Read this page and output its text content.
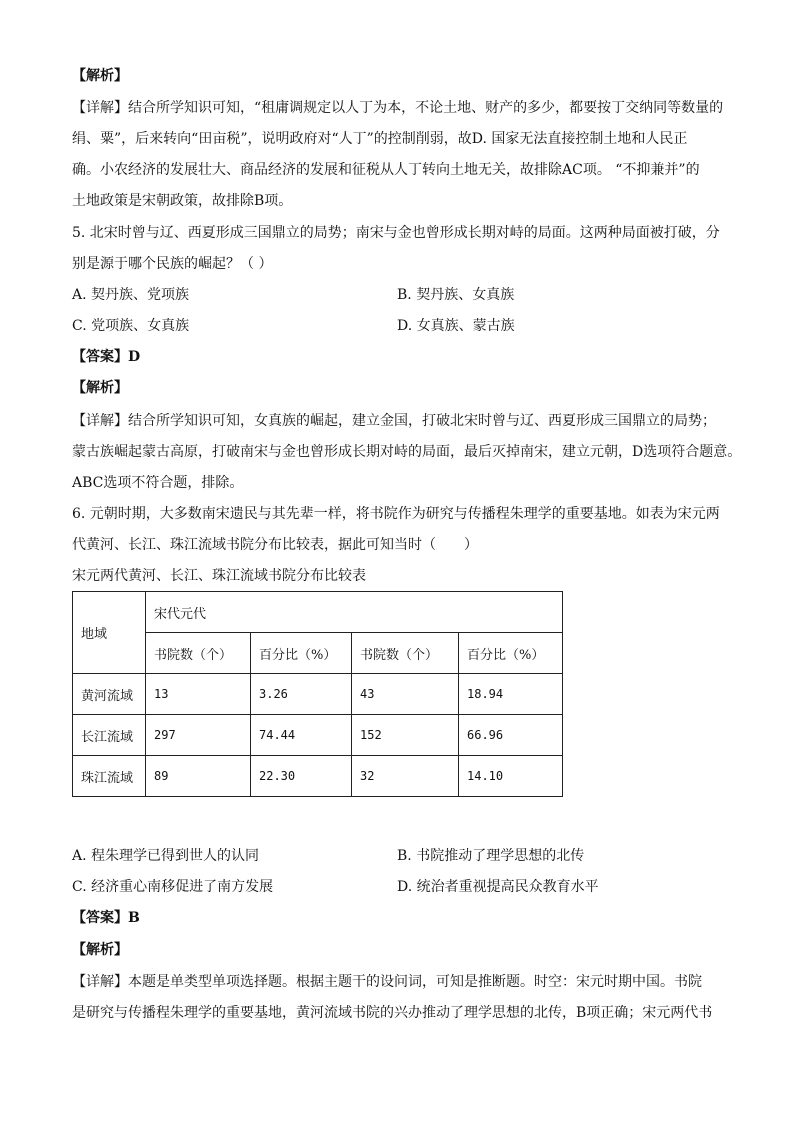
【解析】
【详解】结合所学知识可知，“租庸调规定以人丁为本，不论土地、财产的多少，都要按丁交纳同等数量的
绢、粟”，后来转向“田亩税”，说明政府对“人丁”的控制削弱，故D. 国家无法直接控制土地和人民正
确。小农经济的发展壮大、商品经济的发展和征税从人丁转向土地无关，故排除AC项。 “不抑兼并”的
土地政策是宋朝政策，故排除B项。
5. 北宋时曾与辽、西夏形成三国鼎立的局势；南宋与金也曾形成长期对峙的局面。这两种局面被打破，分
别是源于哪个民族的崛起？（ ）
A. 契丹族、党项族	B. 契丹族、女真族
C. 党项族、女真族	D. 女真族、蒙古族
【答案】D
【解析】
【详解】结合所学知识可知，女真族的崛起，建立金国，打破北宋时曾与辽、西夏形成三国鼎立的局势；
蒙古族崛起蒙古高原，打破南宋与金也曾形成长期对峙的局面，最后灭掉南宋，建立元朝，D选项符合题意。
ABC选项不符合题，排除。
6. 元朝时期，大多数南宋遗民与其先辈一样，将书院作为研究与传播程朱理学的重要基地。如表为宋元两
代黄河、长江、珠江流域书院分布比较表，据此可知当时（　　）
宋元两代黄河、长江、珠江流域书院分布比较表
地域	宋代元代			
	书院数（个）	百分比（%）	书院数（个）	百分比（%）
黄河流域	13	3.26	43	18.94
长江流域	297	74.44	152	66.96
珠江流域	89	22.30	32	14.10
A. 程朱理学已得到世人的认同	B. 书院推动了理学思想的北传
C. 经济重心南移促进了南方发展	D. 统治者重视提高民众教育水平
【答案】B
【解析】
【详解】本题是单类型单项选择题。根据主题干的设问词，可知是推断题。时空：宋元时期中国。书院
是研究与传播程朱理学的重要基地，黄河流域书院的兴办推动了理学思想的北传，B项正确；宋元两代书
